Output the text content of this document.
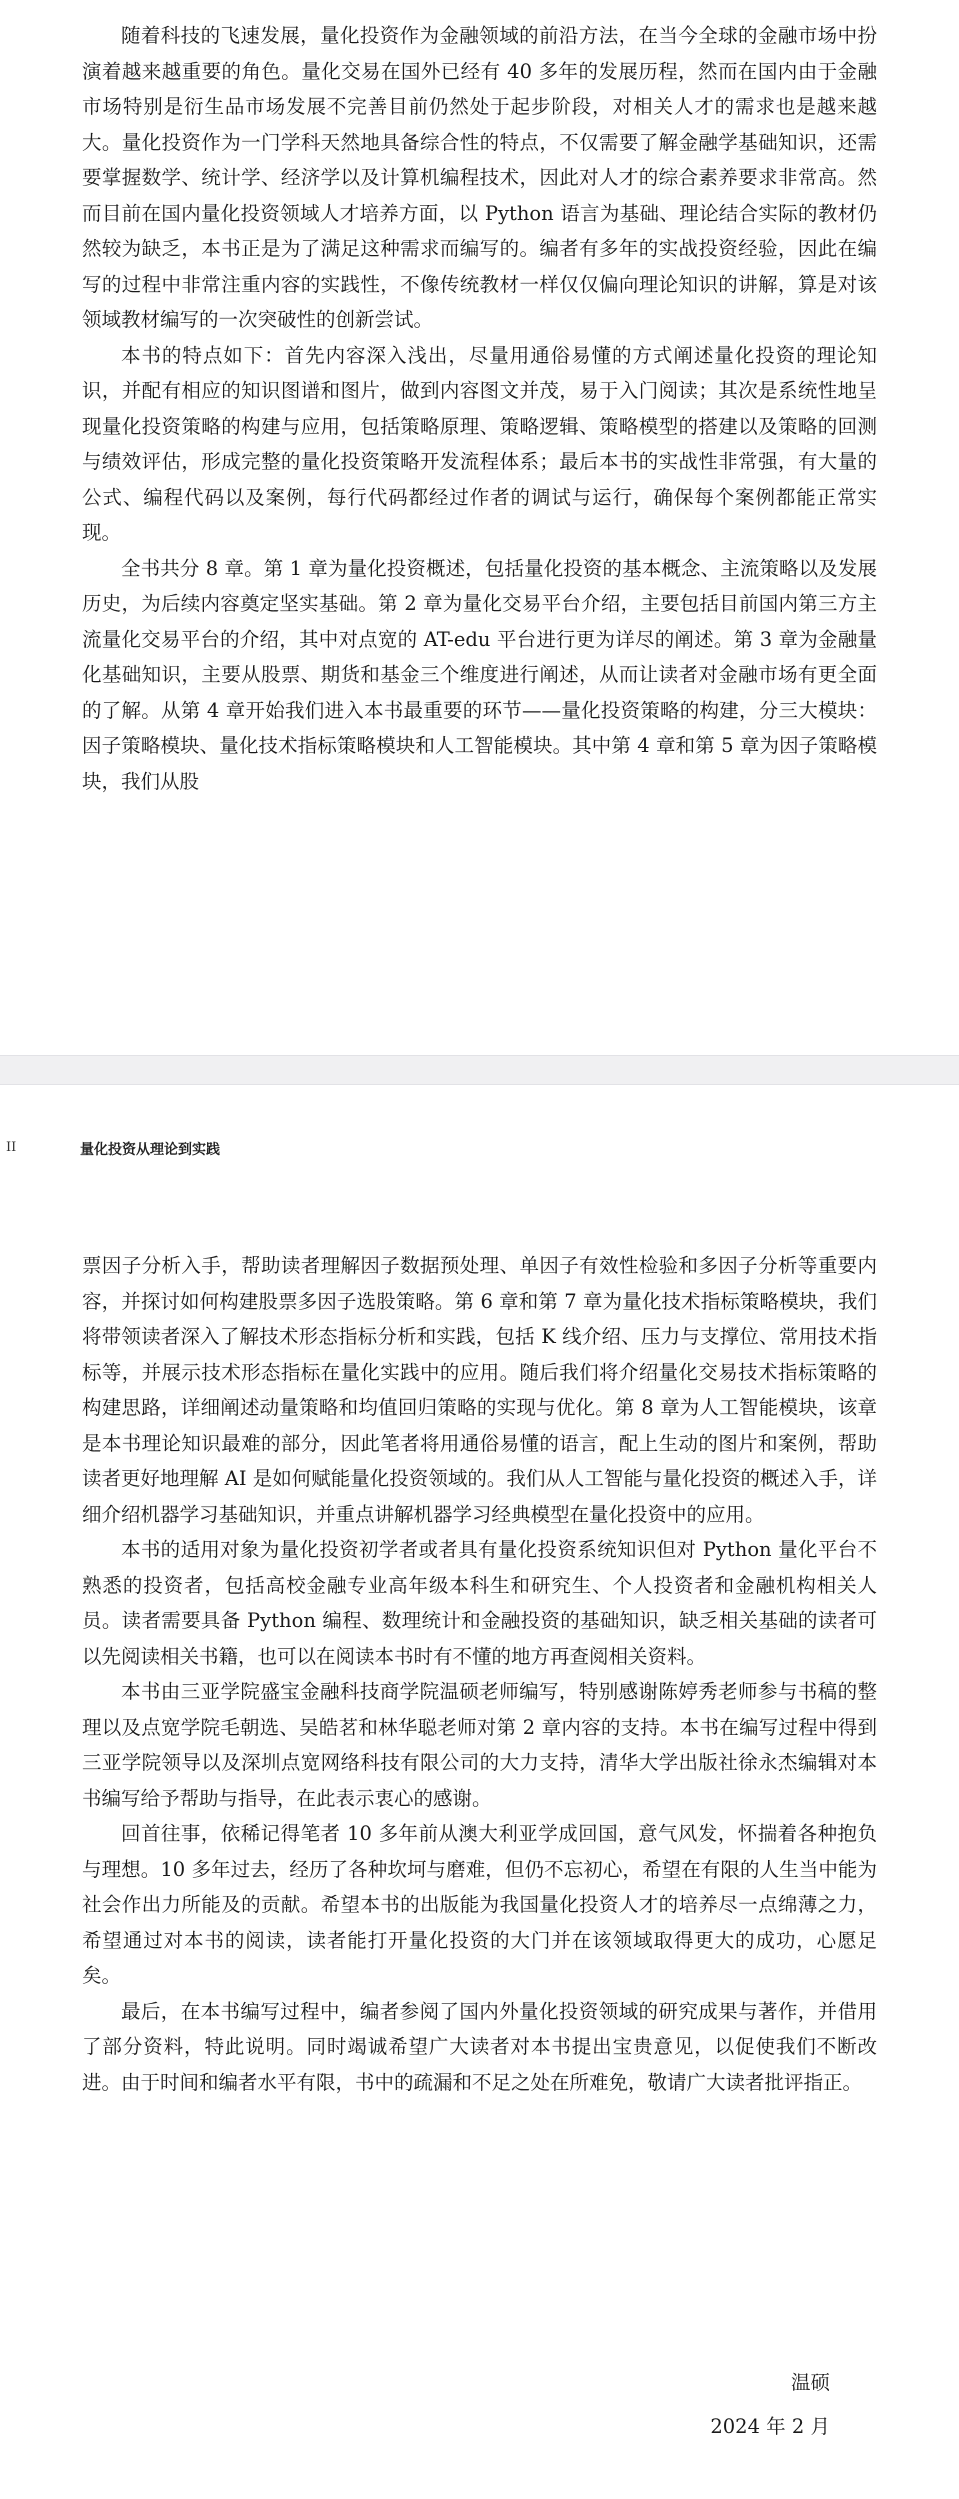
随着科技的飞速发展，量化投资作为金融领域的前沿方法，在当今全球的金融市场中扮演着越来越重要的角色。量化交易在国外已经有 40 多年的发展历程，然而在国内由于金融市场特别是衍生品市场发展不完善目前仍然处于起步阶段，对相关人才的需求也是越来越大。量化投资作为一门学科天然地具备综合性的特点，不仅需要了解金融学基础知识，还需要掌握数学、统计学、经济学以及计算机编程技术，因此对人才的综合素养要求非常高。然而目前在国内量化投资领域人才培养方面，以 Python 语言为基础、理论结合实际的教材仍然较为缺乏，本书正是为了满足这种需求而编写的。编者有多年的实战投资经验，因此在编写的过程中非常注重内容的实践性，不像传统教材一样仅仅偏向理论知识的讲解，算是对该领域教材编写的一次突破性的创新尝试。

本书的特点如下：首先内容深入浅出，尽量用通俗易懂的方式阐述量化投资的理论知识，并配有相应的知识图谱和图片，做到内容图文并茂，易于入门阅读；其次是系统性地呈现量化投资策略的构建与应用，包括策略原理、策略逻辑、策略模型的搭建以及策略的回测与绩效评估，形成完整的量化投资策略开发流程体系；最后本书的实战性非常强，有大量的公式、编程代码以及案例，每行代码都经过作者的调试与运行，确保每个案例都能正常实现。

全书共分 8 章。第 1 章为量化投资概述，包括量化投资的基本概念、主流策略以及发展历史，为后续内容奠定坚实基础。第 2 章为量化交易平台介绍，主要包括目前国内第三方主流量化交易平台的介绍，其中对点宽的 AT-edu 平台进行更为详尽的阐述。第 3 章为金融量化基础知识，主要从股票、期货和基金三个维度进行阐述，从而让读者对金融市场有更全面的了解。从第 4 章开始我们进入本书最重要的环节——量化投资策略的构建，分三大模块：因子策略模块、量化技术指标策略模块和人工智能模块。其中第 4 章和第 5 章为因子策略模块，我们从股

II	量化投资从理论到实践

票因子分析入手，帮助读者理解因子数据预处理、单因子有效性检验和多因子分析等重要内容，并探讨如何构建股票多因子选股策略。第 6 章和第 7 章为量化技术指标策略模块，我们将带领读者深入了解技术形态指标分析和实践，包括 K 线介绍、压力与支撑位、常用技术指标等，并展示技术形态指标在量化实践中的应用。随后我们将介绍量化交易技术指标策略的构建思路，详细阐述动量策略和均值回归策略的实现与优化。第 8 章为人工智能模块，该章是本书理论知识最难的部分，因此笔者将用通俗易懂的语言，配上生动的图片和案例，帮助读者更好地理解 AI 是如何赋能量化投资领域的。我们从人工智能与量化投资的概述入手，详细介绍机器学习基础知识，并重点讲解机器学习经典模型在量化投资中的应用。

本书的适用对象为量化投资初学者或者具有量化投资系统知识但对 Python 量化平台不熟悉的投资者，包括高校金融专业高年级本科生和研究生、个人投资者和金融机构相关人员。读者需要具备 Python 编程、数理统计和金融投资的基础知识，缺乏相关基础的读者可以先阅读相关书籍，也可以在阅读本书时有不懂的地方再查阅相关资料。

本书由三亚学院盛宝金融科技商学院温硕老师编写，特别感谢陈婷秀老师参与书稿的整理以及点宽学院毛朝选、吴皓茗和林华聪老师对第 2 章内容的支持。本书在编写过程中得到三亚学院领导以及深圳点宽网络科技有限公司的大力支持，清华大学出版社徐永杰编辑对本书编写给予帮助与指导，在此表示衷心的感谢。

回首往事，依稀记得笔者 10 多年前从澳大利亚学成回国，意气风发，怀揣着各种抱负与理想。10 多年过去，经历了各种坎坷与磨难，但仍不忘初心，希望在有限的人生当中能为社会作出力所能及的贡献。希望本书的出版能为我国量化投资人才的培养尽一点绵薄之力，希望通过对本书的阅读，读者能打开量化投资的大门并在该领域取得更大的成功，心愿足矣。

最后，在本书编写过程中，编者参阅了国内外量化投资领域的研究成果与著作，并借用了部分资料，特此说明。同时竭诚希望广大读者对本书提出宝贵意见，以促使我们不断改进。由于时间和编者水平有限，书中的疏漏和不足之处在所难免，敬请广大读者批评指正。

温硕
2024 年 2 月
